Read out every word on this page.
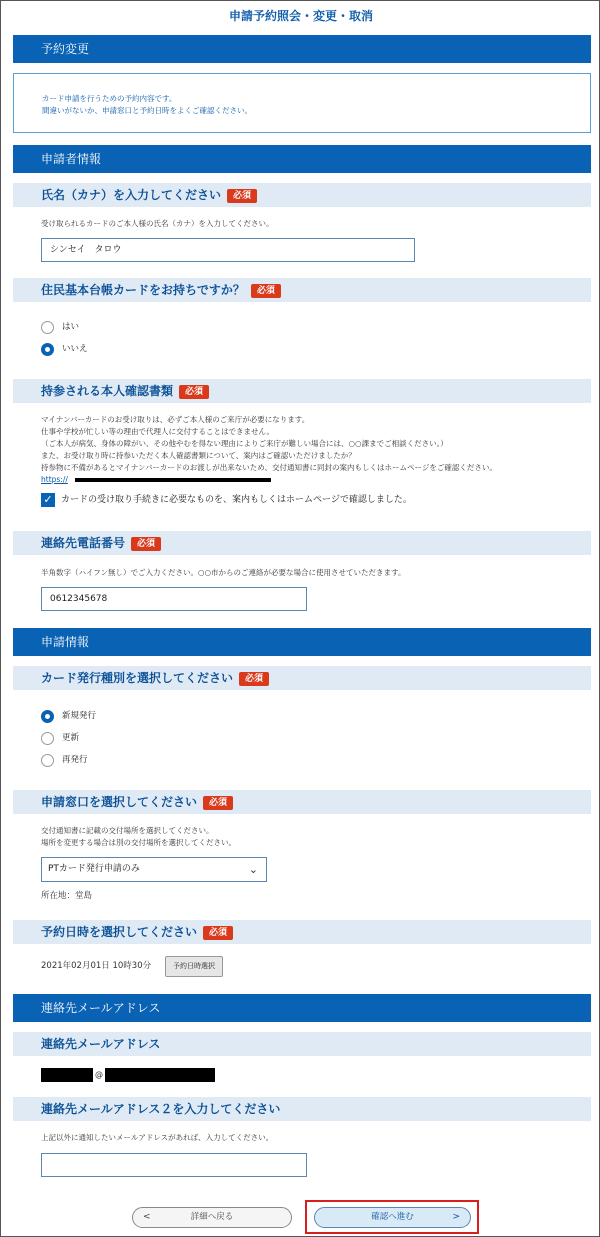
申請予約照会・変更・取消
予約変更

カード申請を行うための予約内容です。

間違いがないか、申請窓口と予約日時をよくご確認ください。

申請者情報
氏名（カナ）を入力してください 必須
受け取られるカードのご本人様の氏名（カナ）を入力してください。
シンセイ　タロウ
住民基本台帳カードをお持ちですか？ 必須
はい
いいえ
持参される本人確認書類 必須
マイナンバーカードのお受け取りは、必ずご本人様のご来庁が必要になります。
仕事や学校が忙しい等の理由で代理人に交付することはできません。
（ご本人が病気、身体の障がい、その他やむを得ない理由によりご来庁が難しい場合には、○○課までご相談ください。）
また、お受け取り時に持参いただく本人確認書類について、案内はご確認いただけましたか？
持参物に不備があるとマイナンバーカードのお渡しが出来ないため、交付通知書に同封の案内もしくはホームページをご確認ください。
https://
✓ カードの受け取り手続きに必要なものを、案内もしくはホームページで確認しました。
連絡先電話番号 必須
半角数字（ハイフン無し）でご入力ください。○○市からのご連絡が必要な場合に使用させていただきます。
0612345678
申請情報
カード発行種別を選択してください 必須
新規発行
更新
再発行
申請窓口を選択してください 必須
交付通知書に記載の交付場所を選択してください。
場所を変更する場合は別の交付場所を選択してください。
PTカード発行申請のみ	⌄
所在地：堂島
予約日時を選択してください 必須
2021年02月01日 10時30分	予約日時選択
連絡先メールアドレス
連絡先メールアドレス
@
連絡先メールアドレス２を入力してください
上記以外に通知したいメールアドレスがあれば、入力してください。
<	詳細へ戻る	確認へ進む	>
